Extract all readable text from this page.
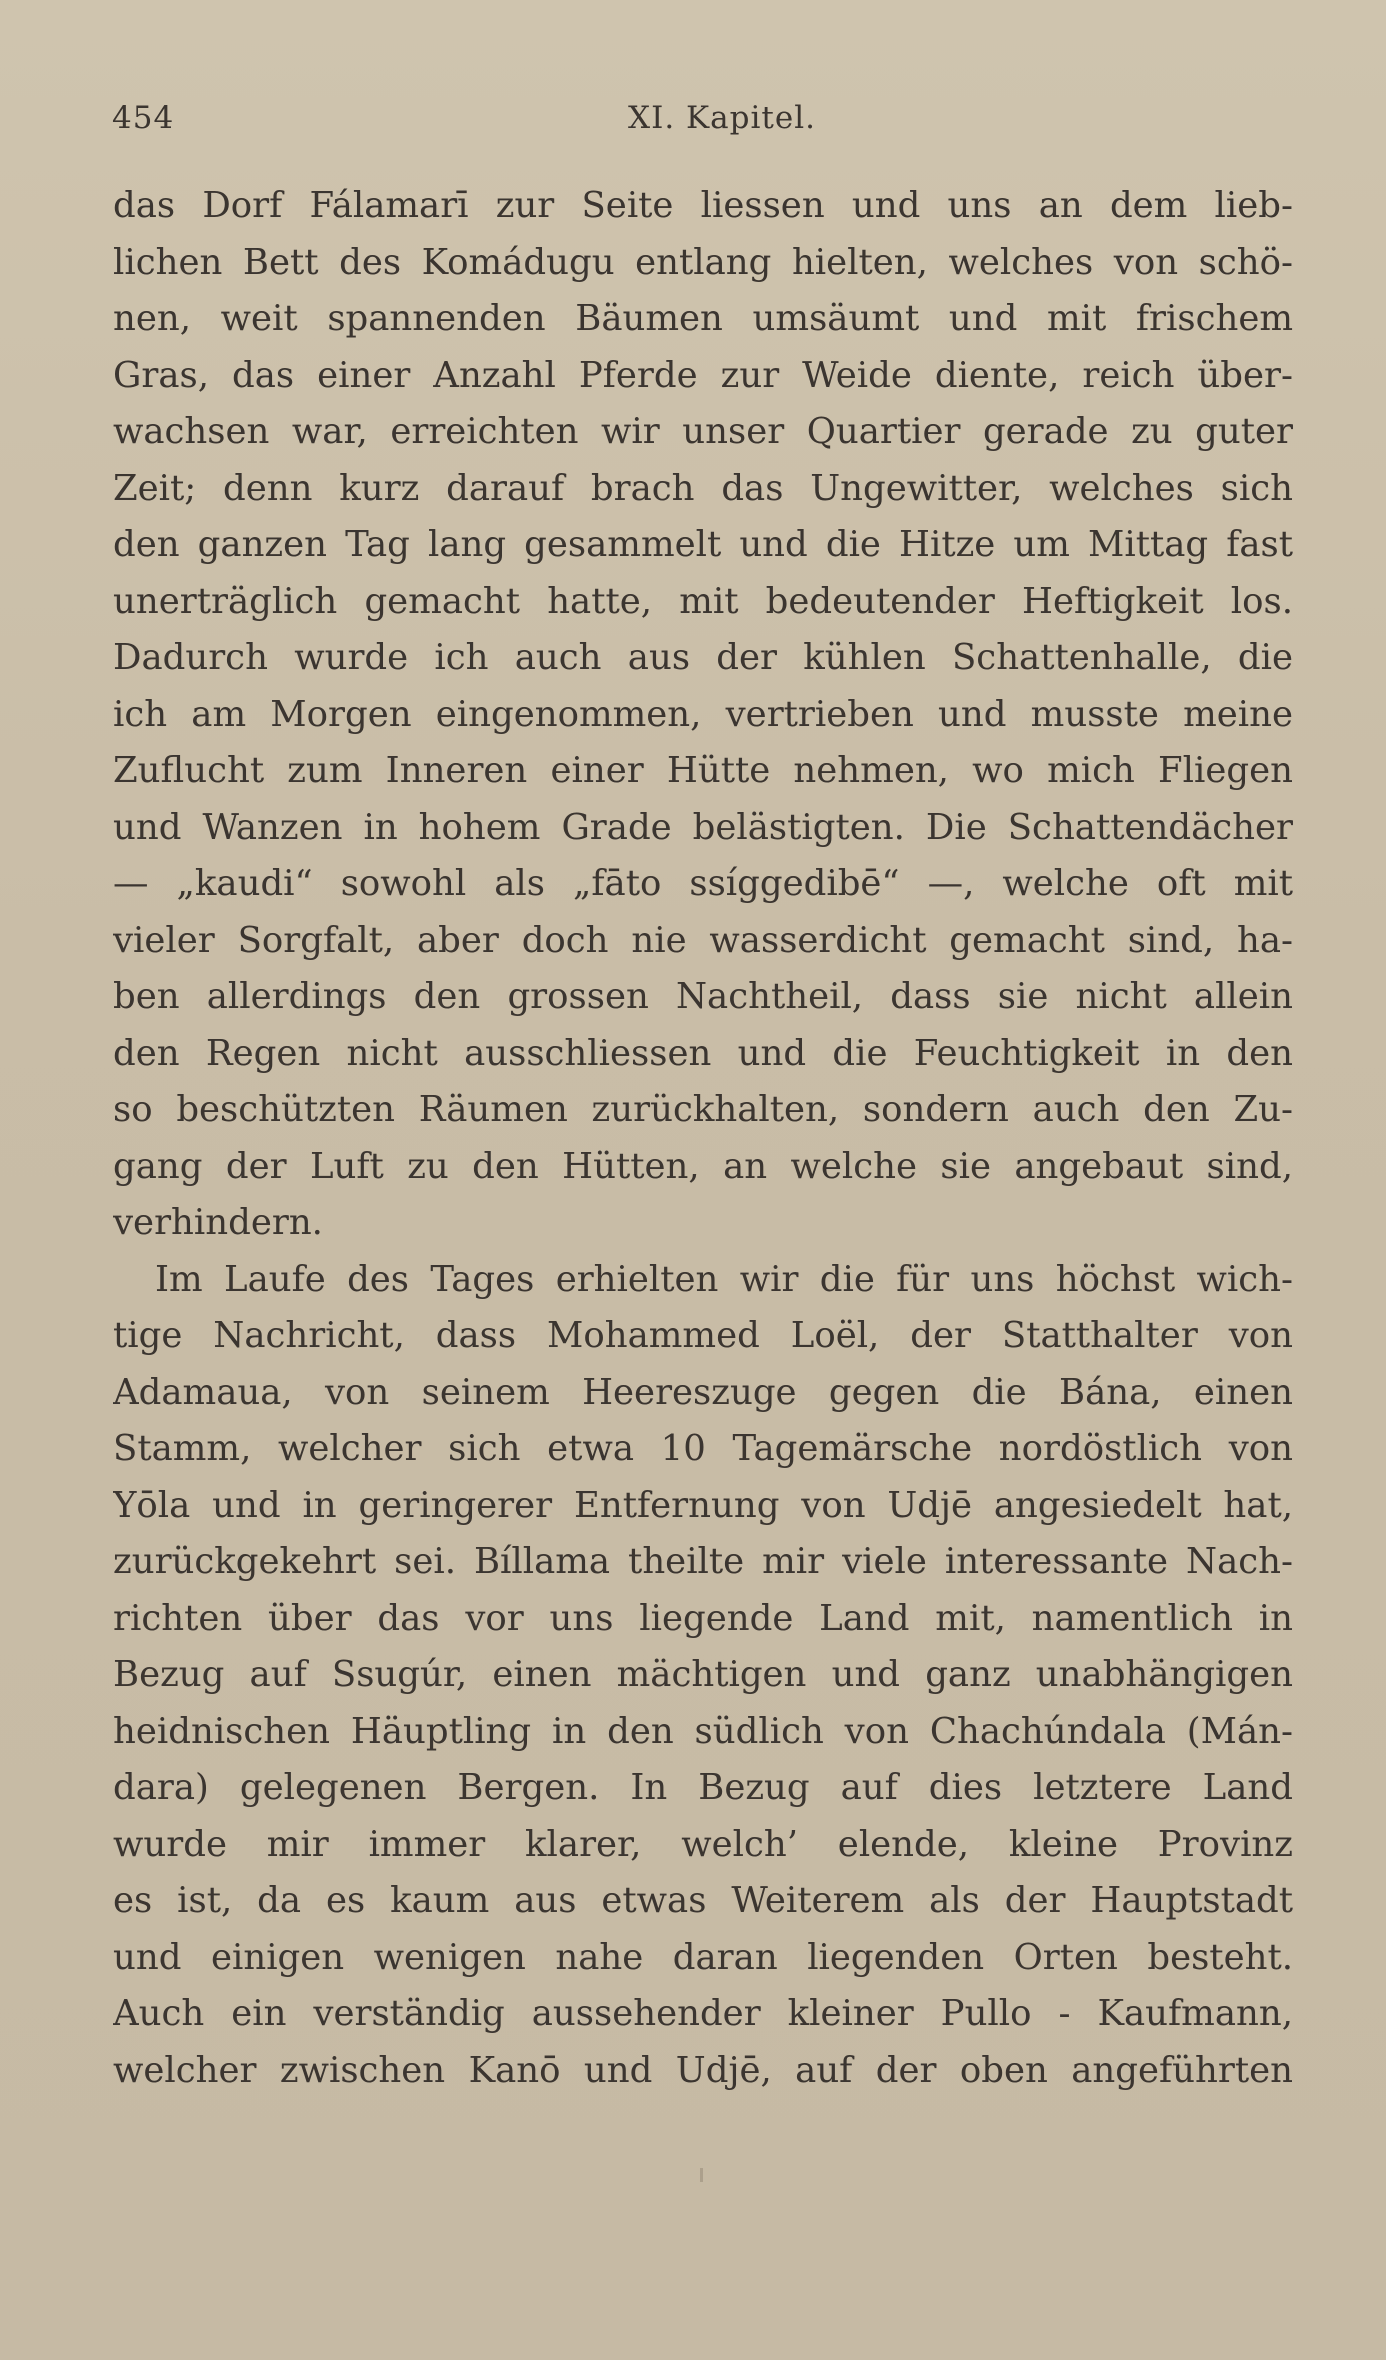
454	XI. Kapitel.
das Dorf Fálamarī zur Seite liessen und uns an dem lieb-
lichen Bett des Komádugu entlang hielten, welches von schö-
nen, weit spannenden Bäumen umsäumt und mit frischem
Gras, das einer Anzahl Pferde zur Weide diente, reich über-
wachsen war, erreichten wir unser Quartier gerade zu guter
Zeit; denn kurz darauf brach das Ungewitter, welches sich
den ganzen Tag lang gesammelt und die Hitze um Mittag fast
unerträglich gemacht hatte, mit bedeutender Heftigkeit los.
Dadurch wurde ich auch aus der kühlen Schattenhalle, die
ich am Morgen eingenommen, vertrieben und musste meine
Zuflucht zum Inneren einer Hütte nehmen, wo mich Fliegen
und Wanzen in hohem Grade belästigten. Die Schattendächer
— „kaudi“ sowohl als „fāto ssíggedibē“ —, welche oft mit
vieler Sorgfalt, aber doch nie wasserdicht gemacht sind, ha-
ben allerdings den grossen Nachtheil, dass sie nicht allein
den Regen nicht ausschliessen und die Feuchtigkeit in den
so beschützten Räumen zurückhalten, sondern auch den Zu-
gang der Luft zu den Hütten, an welche sie angebaut sind,
verhindern.
Im Laufe des Tages erhielten wir die für uns höchst wich-
tige Nachricht, dass Mohammed Loël, der Statthalter von
Adamaua, von seinem Heereszuge gegen die Bána, einen
Stamm, welcher sich etwa 10 Tagemärsche nordöstlich von
Yōla und in geringerer Entfernung von Udjē angesiedelt hat,
zurückgekehrt sei. Bíllama theilte mir viele interessante Nach-
richten über das vor uns liegende Land mit, namentlich in
Bezug auf Ssugúr, einen mächtigen und ganz unabhängigen
heidnischen Häuptling in den südlich von Chachúndala (Mán-
dara) gelegenen Bergen. In Bezug auf dies letztere Land
wurde mir immer klarer, welch’ elende, kleine Provinz
es ist, da es kaum aus etwas Weiterem als der Hauptstadt
und einigen wenigen nahe daran liegenden Orten besteht.
Auch ein verständig aussehender kleiner Pullo - Kaufmann,
welcher zwischen Kanō und Udjē, auf der oben angeführten
